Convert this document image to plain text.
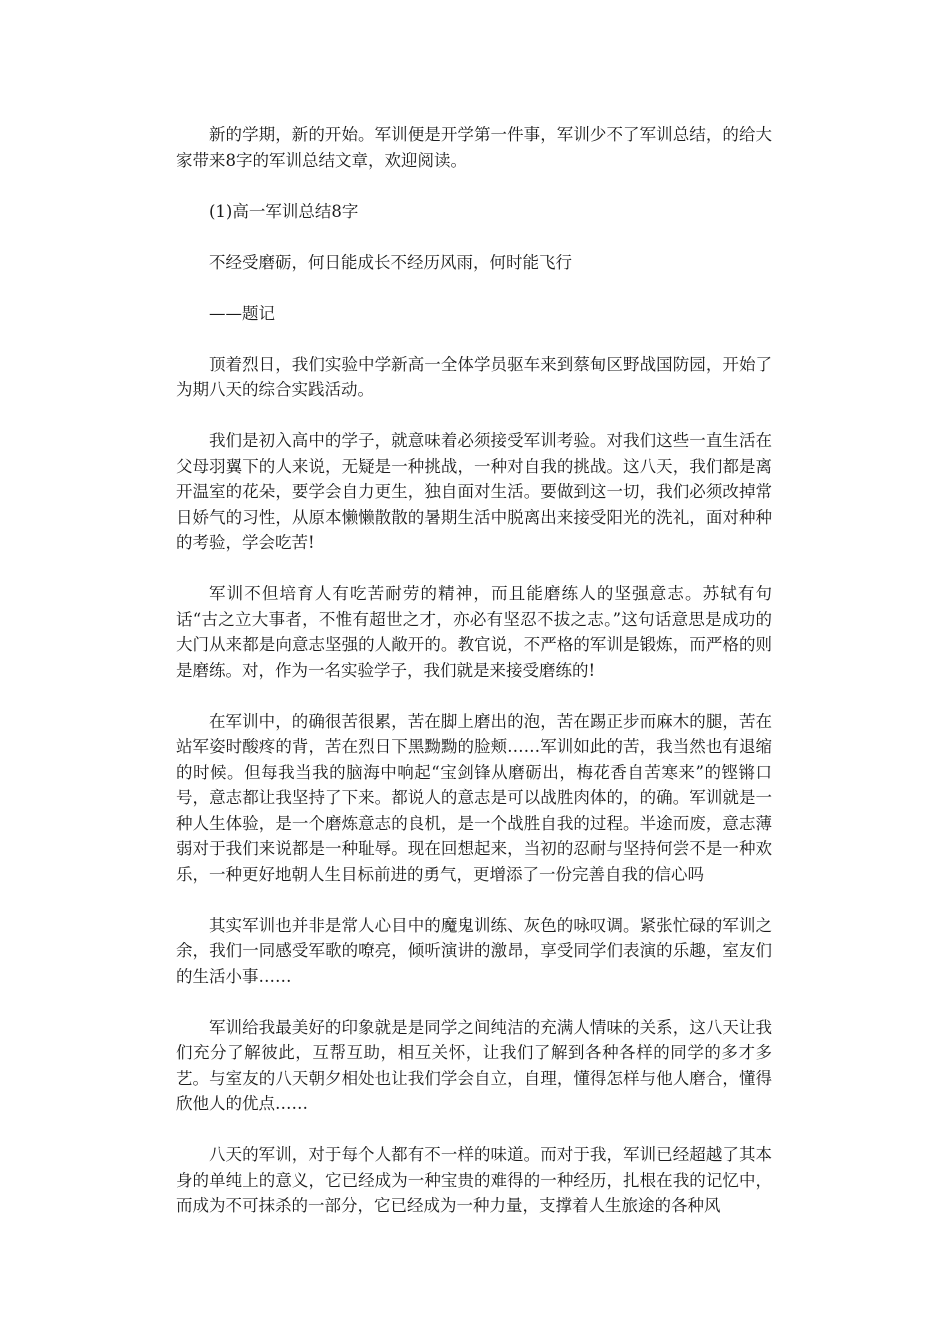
新的学期，新的开始。军训便是开学第一件事，军训少不了军训总结，的给大家带来8字的军训总结文章，欢迎阅读。

(1)高一军训总结8字

不经受磨砺，何日能成长不经历风雨，何时能飞行

——题记

顶着烈日，我们实验中学新高一全体学员驱车来到蔡甸区野战国防园，开始了为期八天的综合实践活动。

我们是初入高中的学子，就意味着必须接受军训考验。对我们这些一直生活在父母羽翼下的人来说，无疑是一种挑战，一种对自我的挑战。这八天，我们都是离开温室的花朵，要学会自力更生，独自面对生活。要做到这一切，我们必须改掉常日娇气的习性，从原本懒懒散散的暑期生活中脱离出来接受阳光的洗礼，面对种种的考验，学会吃苦!

军训不但培育人有吃苦耐劳的精神，而且能磨练人的坚强意志。苏轼有句话“古之立大事者，不惟有超世之才，亦必有坚忍不拔之志。”这句话意思是成功的大门从来都是向意志坚强的人敞开的。教官说，不严格的军训是锻炼，而严格的则是磨练。对，作为一名实验学子，我们就是来接受磨练的!

在军训中，的确很苦很累，苦在脚上磨出的泡，苦在踢正步而麻木的腿，苦在站军姿时酸疼的背，苦在烈日下黑黝黝的脸颊……军训如此的苦，我当然也有退缩的时候。但每我当我的脑海中响起“宝剑锋从磨砺出，梅花香自苦寒来”的铿锵口号，意志都让我坚持了下来。都说人的意志是可以战胜肉体的，的确。军训就是一种人生体验，是一个磨炼意志的良机，是一个战胜自我的过程。半途而废，意志薄弱对于我们来说都是一种耻辱。现在回想起来，当初的忍耐与坚持何尝不是一种欢乐，一种更好地朝人生目标前进的勇气，更增添了一份完善自我的信心吗

其实军训也并非是常人心目中的魔鬼训练、灰色的咏叹调。紧张忙碌的军训之余，我们一同感受军歌的嘹亮，倾听演讲的激昂，享受同学们表演的乐趣，室友们的生活小事……

军训给我最美好的印象就是是同学之间纯洁的充满人情味的关系，这八天让我们充分了解彼此，互帮互助，相互关怀，让我们了解到各种各样的同学的多才多艺。与室友的八天朝夕相处也让我们学会自立，自理，懂得怎样与他人磨合，懂得欣他人的优点……

八天的军训，对于每个人都有不一样的味道。而对于我，军训已经超越了其本身的单纯上的意义，它已经成为一种宝贵的难得的一种经历，扎根在我的记忆中，而成为不可抹杀的一部分，它已经成为一种力量，支撑着人生旅途的各种风
